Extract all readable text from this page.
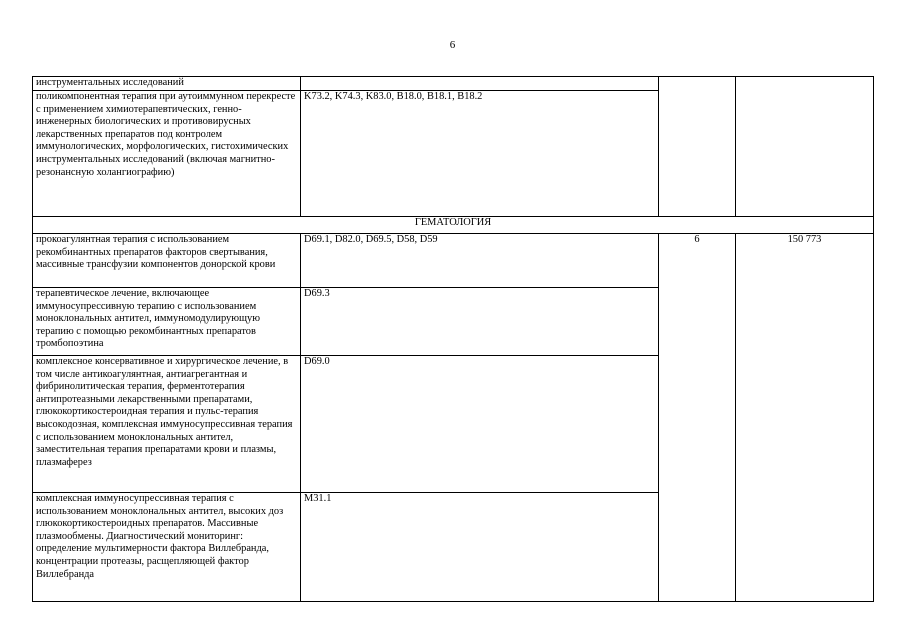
6
инструментальных исследований			
поликомпонентная терапия при аутоиммунном перекресте с применением химиотерапевтических, генно-инженерных биологических и противовирусных лекарственных препаратов под контролем иммунологических, морфологических, гистохимических инструментальных исследований (включая магнитно-резонансную холангиографию)	K73.2, K74.3, K83.0, B18.0, B18.1, B18.2		
ГЕМАТОЛОГИЯ			
прокоагулянтная терапия с использованием рекомбинантных препаратов факторов свертывания, массивные трансфузии компонентов донорской крови	D69.1, D82.0, D69.5, D58, D59	6	150 773
терапевтическое лечение, включающее иммуносупрессивную терапию с использованием моноклональных антител, иммуномодулирующую терапию с помощью рекомбинантных препаратов тромбопоэтина	D69.3		
комплексное консервативное и хирургическое лечение, в том числе антикоагулянтная, антиагрегантная и фибринолитическая терапия, ферментотерапия антипротеазными лекарственными препаратами, глюкокортикостероидная терапия и пульс-терапия высокодозная, комплексная иммуносупрессивная терапия с использованием моноклональных антител, заместительная терапия препаратами крови и плазмы, плазмаферез	D69.0		
комплексная иммуносупрессивная терапия с использованием моноклональных антител, высоких доз глюкокортикостероидных препаратов. Массивные плазмообмены. Диагностический мониторинг: определение мультимерности фактора Виллебранда, концентрации протеазы, расщепляющей фактор Виллебранда	M31.1		
